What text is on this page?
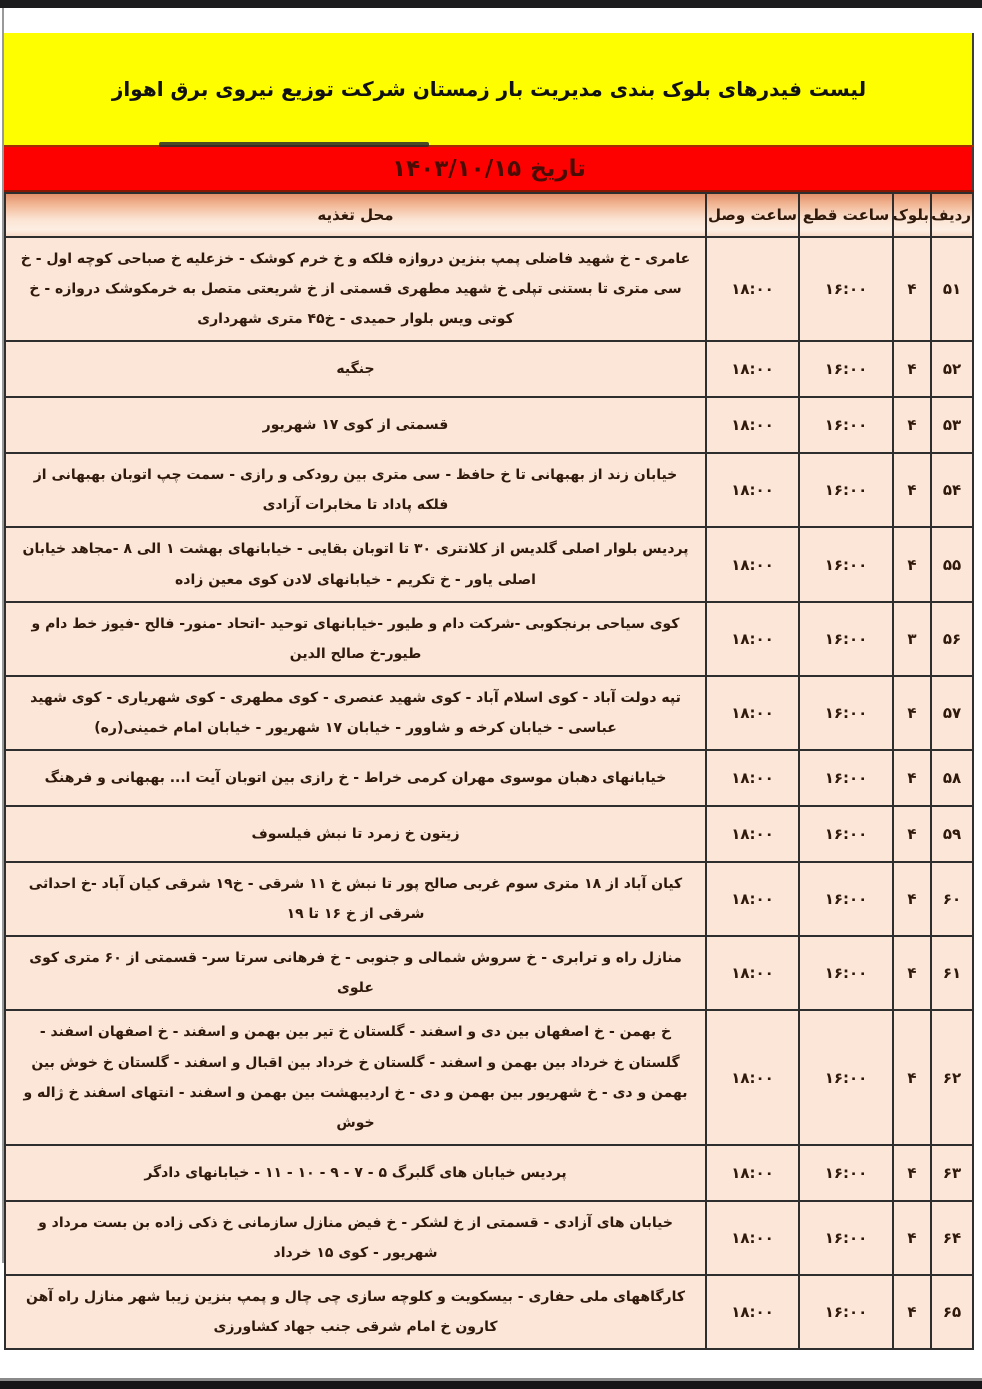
لیست فیدرهای بلوک بندی مدیریت بار زمستان شرکت توزیع نیروی برق اهواز
تاریخ
۱۴۰۳/۱۰/۱۵
ردیف	بلوک	ساعت قطع	ساعت وصل	محل تغذیه
۵۱	۴	۱۶:۰۰	۱۸:۰۰	عامری - خ شهید فاضلی پمپ بنزین دروازه فلکه و خ خرم کوشک - خزعلیه خ صباحی کوچه اول - خ سی متری تا بستنی تپلی خ شهید مطهری قسمتی از خ شریعتی متصل به خرمکوشک دروازه - خ کوتی ویس بلوار حمیدی - خ۴۵ متری شهرداری
۵۲	۴	۱۶:۰۰	۱۸:۰۰	جنگیه
۵۳	۴	۱۶:۰۰	۱۸:۰۰	قسمتی از کوی ۱۷ شهریور
۵۴	۴	۱۶:۰۰	۱۸:۰۰	خیابان زند از بهبهانی تا خ حافظ - سی متری بین رودکی و رازی - سمت چپ اتوبان بهبهانی از فلکه پاداد تا مخابرات آزادی
۵۵	۴	۱۶:۰۰	۱۸:۰۰	پردیس بلوار اصلی گلدیس از کلانتری ۳۰ تا اتوبان بقایی - خیابانهای بهشت ۱ الی ۸ -مجاهد خیابان اصلی یاور - خ تکریم - خیابانهای لادن کوی معین زاده
۵۶	۳	۱۶:۰۰	۱۸:۰۰	کوی سیاحی برنجکوبی -شرکت دام و طیور -خیابانهای توحید -اتحاد -منور- فالح -فیوز خط دام و طیور-خ صالح الدین
۵۷	۴	۱۶:۰۰	۱۸:۰۰	تپه دولت آباد - کوی اسلام آباد - کوی شهید عنصری - کوی مطهری - کوی شهریاری - کوی شهید عباسی - خیابان کرخه و شاوور - خیابان ۱۷ شهریور - خیابان امام خمینی(ره)
۵۸	۴	۱۶:۰۰	۱۸:۰۰	خیابانهای دهبان موسوی مهران کرمی خراط - خ رازی بین اتوبان آیت ا... بهبهانی و فرهنگ
۵۹	۴	۱۶:۰۰	۱۸:۰۰	زیتون خ زمرد تا نبش فیلسوف
۶۰	۴	۱۶:۰۰	۱۸:۰۰	کیان آباد از ۱۸ متری سوم غربی صالح پور تا نبش خ ۱۱ شرقی - خ۱۹ شرقی کیان آباد -خ احداثی شرقی از خ ۱۶ تا ۱۹
۶۱	۴	۱۶:۰۰	۱۸:۰۰	منازل راه و ترابری - خ سروش شمالی و جنوبی - خ فرهانی سرتا سر- قسمتی از ۶۰ متری کوی علوی
۶۲	۴	۱۶:۰۰	۱۸:۰۰	خ بهمن - خ اصفهان بین دی و اسفند - گلستان خ تیر بین بهمن و اسفند - خ اصفهان اسفند - گلستان خ خرداد بین بهمن و اسفند - گلستان خ خرداد بین اقبال و اسفند - گلستان خ خوش بین بهمن و دی - خ شهریور بین بهمن و دی - خ اردیبهشت بین بهمن و اسفند - انتهای اسفند خ ژاله و خوش
۶۳	۴	۱۶:۰۰	۱۸:۰۰	پردیس خیابان های گلبرگ ۵ - ۷ - ۹ - ۱۰ - ۱۱ - خیابانهای دادگر
۶۴	۴	۱۶:۰۰	۱۸:۰۰	خیابان های آزادی - قسمتی از خ لشکر - خ فیض منازل سازمانی خ ذکی زاده بن بست مرداد و شهریور - کوی ۱۵ خرداد
۶۵	۴	۱۶:۰۰	۱۸:۰۰	کارگاههای ملی حفاری - بیسکویت و کلوچه سازی چی چال و پمپ بنزین زیبا شهر منازل راه آهن کارون خ امام شرقی جنب جهاد کشاورزی
